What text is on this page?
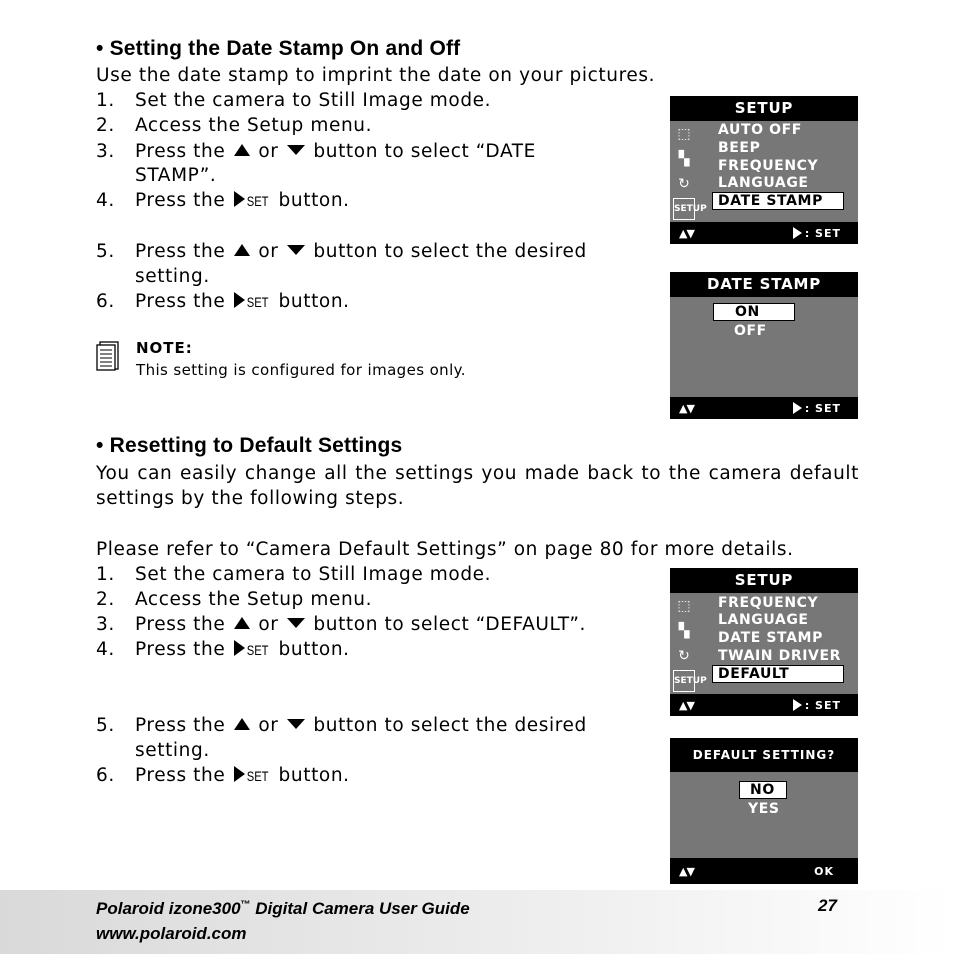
• Setting the Date Stamp On and Off
Use the date stamp to imprint the date on your pictures.
1. Set the camera to Still Image mode.
2. Access the Setup menu.
3. Press the or button to select “DATE
STAMP”.
4. Press the SET button.
5. Press the or button to select the desired
setting.
6. Press the SET button.
NOTE:
This setting is configured for images only.
• Resetting to Default Settings
You can easily change all the settings you made back to the camera default settings by the following steps.
Please refer to “Camera Default Settings” on page 80 for more details.
1. Set the camera to Still Image mode.
2. Access the Setup menu.
3. Press the or button to select “DEFAULT”.
4. Press the SET button.
5. Press the or button to select the desired
setting.
6. Press the SET button.
SETUP
⬚
▚
↻
SETUP
AUTO OFF
BEEP
FREQUENCY
LANGUAGE
DATE STAMP
▲▼	: SET
DATE STAMP
ON
OFF
▲▼	: SET
SETUP
⬚
▚
↻
SETUP
FREQUENCY
LANGUAGE
DATE STAMP
TWAIN DRIVER
DEFAULT
▲▼	: SET
DEFAULT SETTING?
NO
YES
▲▼	OK
Polaroid izone300™ Digital Camera User Guide
www.polaroid.com
27
